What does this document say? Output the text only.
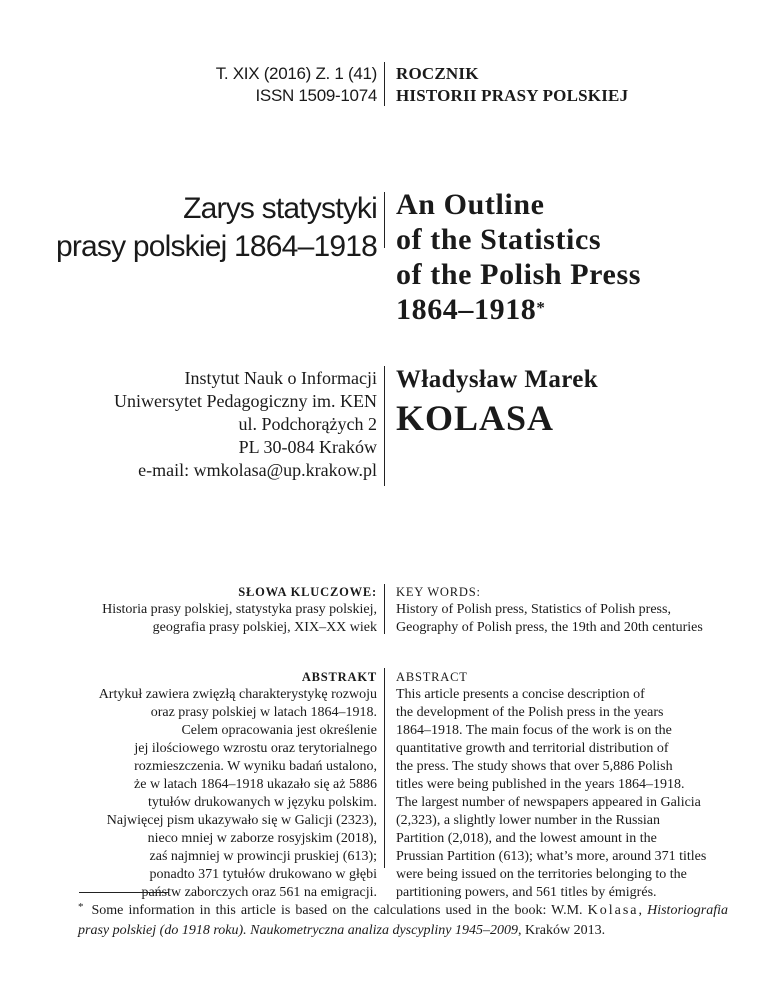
T. XIX (2016) Z. 1 (41)

ISSN 1509-1074

ROCZNIK

HISTORII PRASY POLSKIEJ

Zarys statystyki

prasy polskiej 1864–1918

An Outline

of the Statistics

of the Polish Press

1864–1918*

Instytut Nauk o Informacji

Uniwersytet Pedagogiczny im. KEN

ul. Podchorążych 2

PL 30-084 Kraków

e-mail: wmkolasa@up.krakow.pl

Władysław Marek
KOLASA

SŁOWA KLUCZOWE:

Historia prasy polskiej, statystyka prasy polskiej,

geografia prasy polskiej, XIX–XX wiek

KEY WORDS:

History of Polish press, Statistics of Polish press,

Geography of Polish press, the 19th and 20th centuries

ABSTRAKT

Artykuł zawiera zwięzłą charakterystykę rozwoju

oraz prasy polskiej w latach 1864–1918.

Celem opracowania jest określenie

jej ilościowego wzrostu oraz terytorialnego

rozmieszczenia. W wyniku badań ustalono,

że w latach 1864–1918 ukazało się aż 5886

tytułów drukowanych w języku polskim.

Najwięcej pism ukazywało się w Galicji (2323),

nieco mniej w zaborze rosyjskim (2018),

zaś najmniej w prowincji pruskiej (613);

ponadto 371 tytułów drukowano w głębi

państw zaborczych oraz 561 na emigracji.

ABSTRACT

This article presents a concise description of

the development of the Polish press in the years

1864–1918. The main focus of the work is on the

quantitative growth and territorial distribution of

the press. The study shows that over 5,886 Polish

titles were being published in the years 1864–1918.

The largest number of newspapers appeared in Galicia

(2,323), a slightly lower number in the Russian

Partition (2,018), and the lowest amount in the

Prussian Partition (613); what’s more, around 371 titles

were being issued on the territories belonging to the

partitioning powers, and 561 titles by émigrés.

* Some information in this article is based on the calculations used in the book: W.M. Kolasa, Historiografia prasy polskiej (do 1918 roku). Naukometryczna analiza dyscypliny 1945–2009, Kraków 2013.
